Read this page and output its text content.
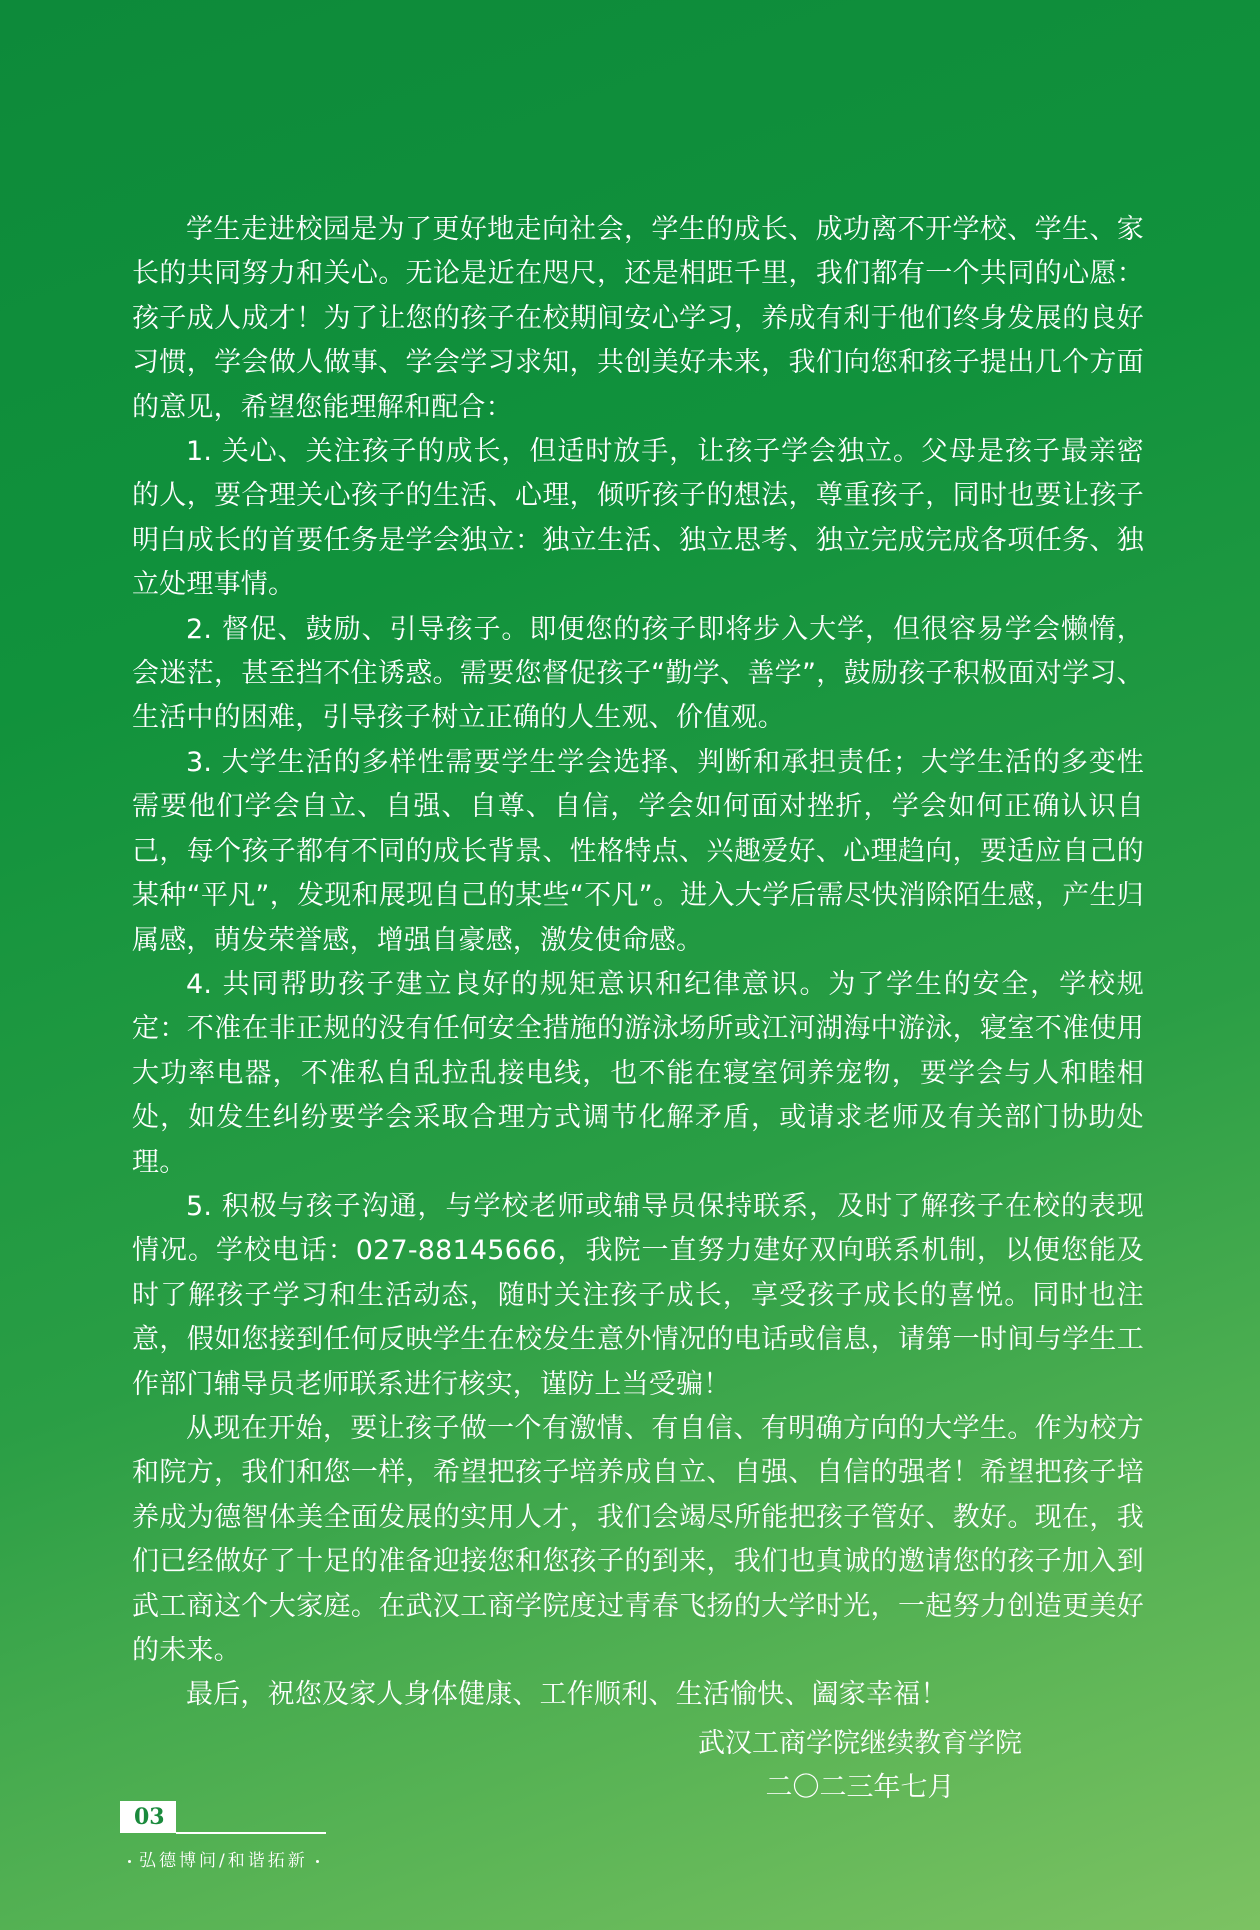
学生走进校园是为了更好地走向社会，学生的成长、成功离不开学校、学生、家长的共同努力和关心。无论是近在咫尺，还是相距千里，我们都有一个共同的心愿：孩子成人成才！为了让您的孩子在校期间安心学习，养成有利于他们终身发展的良好习惯，学会做人做事、学会学习求知，共创美好未来，我们向您和孩子提出几个方面的意见，希望您能理解和配合：

1. 关心、关注孩子的成长，但适时放手，让孩子学会独立。父母是孩子最亲密的人，要合理关心孩子的生活、心理，倾听孩子的想法，尊重孩子，同时也要让孩子明白成长的首要任务是学会独立：独立生活、独立思考、独立完成完成各项任务、独立处理事情。

2. 督促、鼓励、引导孩子。即便您的孩子即将步入大学，但很容易学会懒惰，会迷茫，甚至挡不住诱惑。需要您督促孩子“勤学、善学”，鼓励孩子积极面对学习、生活中的困难，引导孩子树立正确的人生观、价值观。

3. 大学生活的多样性需要学生学会选择、判断和承担责任；大学生活的多变性需要他们学会自立、自强、自尊、自信，学会如何面对挫折，学会如何正确认识自己，每个孩子都有不同的成长背景、性格特点、兴趣爱好、心理趋向，要适应自己的某种“平凡”，发现和展现自己的某些“不凡”。进入大学后需尽快消除陌生感，产生归属感，萌发荣誉感，增强自豪感，激发使命感。

4. 共同帮助孩子建立良好的规矩意识和纪律意识。为了学生的安全，学校规定：不准在非正规的没有任何安全措施的游泳场所或江河湖海中游泳，寝室不准使用大功率电器，不准私自乱拉乱接电线，也不能在寝室饲养宠物，要学会与人和睦相处，如发生纠纷要学会采取合理方式调节化解矛盾，或请求老师及有关部门协助处理。

5. 积极与孩子沟通，与学校老师或辅导员保持联系，及时了解孩子在校的表现情况。学校电话：027-88145666，我院一直努力建好双向联系机制，以便您能及时了解孩子学习和生活动态，随时关注孩子成长，享受孩子成长的喜悦。同时也注意，假如您接到任何反映学生在校发生意外情况的电话或信息，请第一时间与学生工作部门辅导员老师联系进行核实，谨防上当受骗！

从现在开始，要让孩子做一个有激情、有自信、有明确方向的大学生。作为校方和院方，我们和您一样，希望把孩子培养成自立、自强、自信的强者！希望把孩子培养成为德智体美全面发展的实用人才，我们会竭尽所能把孩子管好、教好。现在，我们已经做好了十足的准备迎接您和您孩子的到来，我们也真诚的邀请您的孩子加入到武工商这个大家庭。在武汉工商学院度过青春飞扬的大学时光，一起努力创造更美好的未来。

最后，祝您及家人身体健康、工作顺利、生活愉快、阖家幸福！

武汉工商学院继续教育学院
二〇二三年七月
03
弘德博问/和谐拓新
